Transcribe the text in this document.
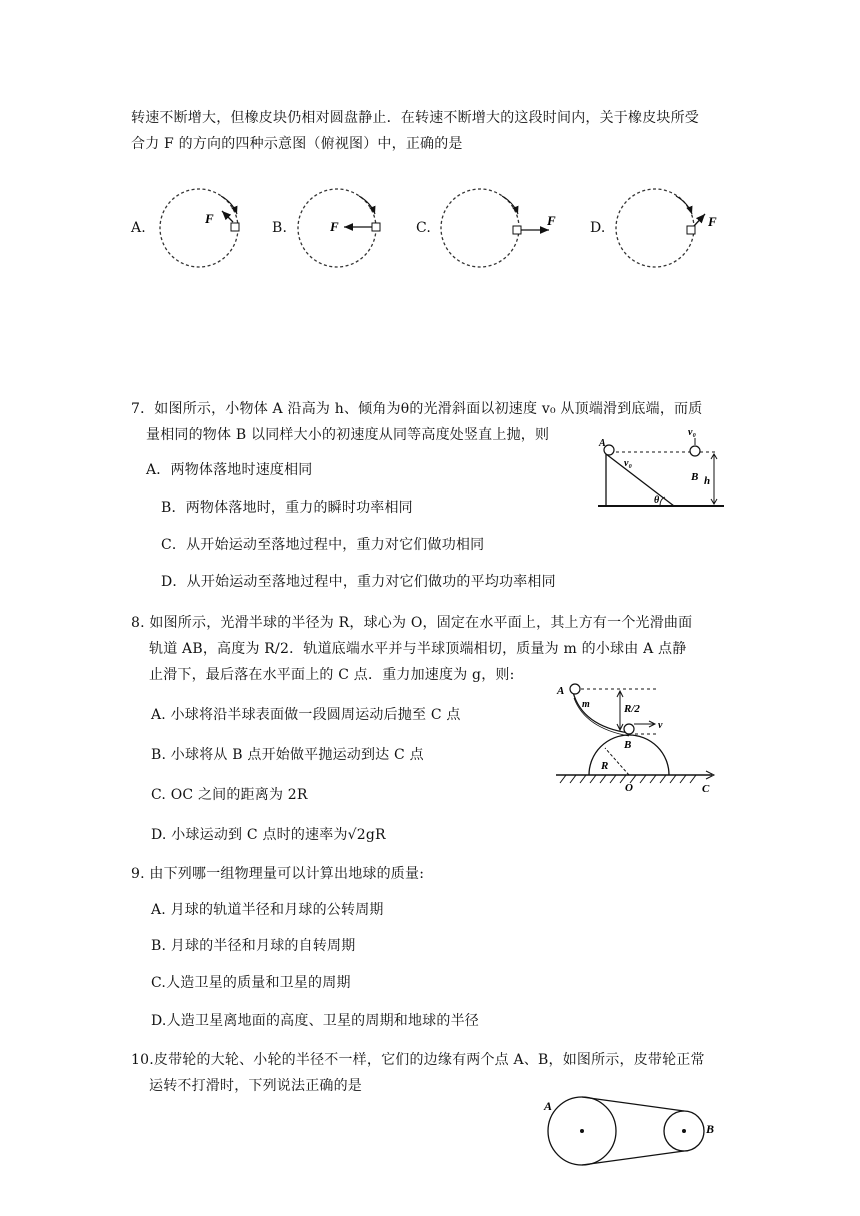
转速不断增大，但橡皮块仍相对圆盘静止．在转速不断增大的这段时间内，关于橡皮块所受
合力 F 的方向的四种示意图（俯视图）中，正确的是
A.	B.	C.	D.
F
F	F	F
7．如图所示，小物体 A 沿高为 h、倾角为θ的光滑斜面以初速度 v₀ 从顶端滑到底端，而质
量相同的物体 B 以同样大小的初速度从同等高度处竖直上抛，则
A．两物体落地时速度相同
B．两物体落地时，重力的瞬时功率相同
C．从开始运动至落地过程中，重力对它们做功相同
D．从开始运动至落地过程中，重力对它们做功的平均功率相同
A
v₀
v₀
B h
θ
8. 如图所示，光滑半球的半径为 R，球心为 O，固定在水平面上，其上方有一个光滑曲面
轨道 AB，高度为 R/2．轨道底端水平并与半球顶端相切，质量为 m 的小球由 A 点静
止滑下，最后落在水平面上的 C 点．重力加速度为 g，则:
A. 小球将沿半球表面做一段圆周运动后抛至 C 点
B. 小球将从 B 点开始做平抛运动到达 C 点
C. OC 之间的距离为 2R
D. 小球运动到 C 点时的速率为√2gR
A
m	R/2
v
B
R
O	C
9. 由下列哪一组物理量可以计算出地球的质量:
A. 月球的轨道半径和月球的公转周期
B. 月球的半径和月球的自转周期
C.人造卫星的质量和卫星的周期
D.人造卫星离地面的高度、卫星的周期和地球的半径
10.皮带轮的大轮、小轮的半径不一样，它们的边缘有两个点 A、B，如图所示，皮带轮正常
运转不打滑时，下列说法正确的是
A
B
